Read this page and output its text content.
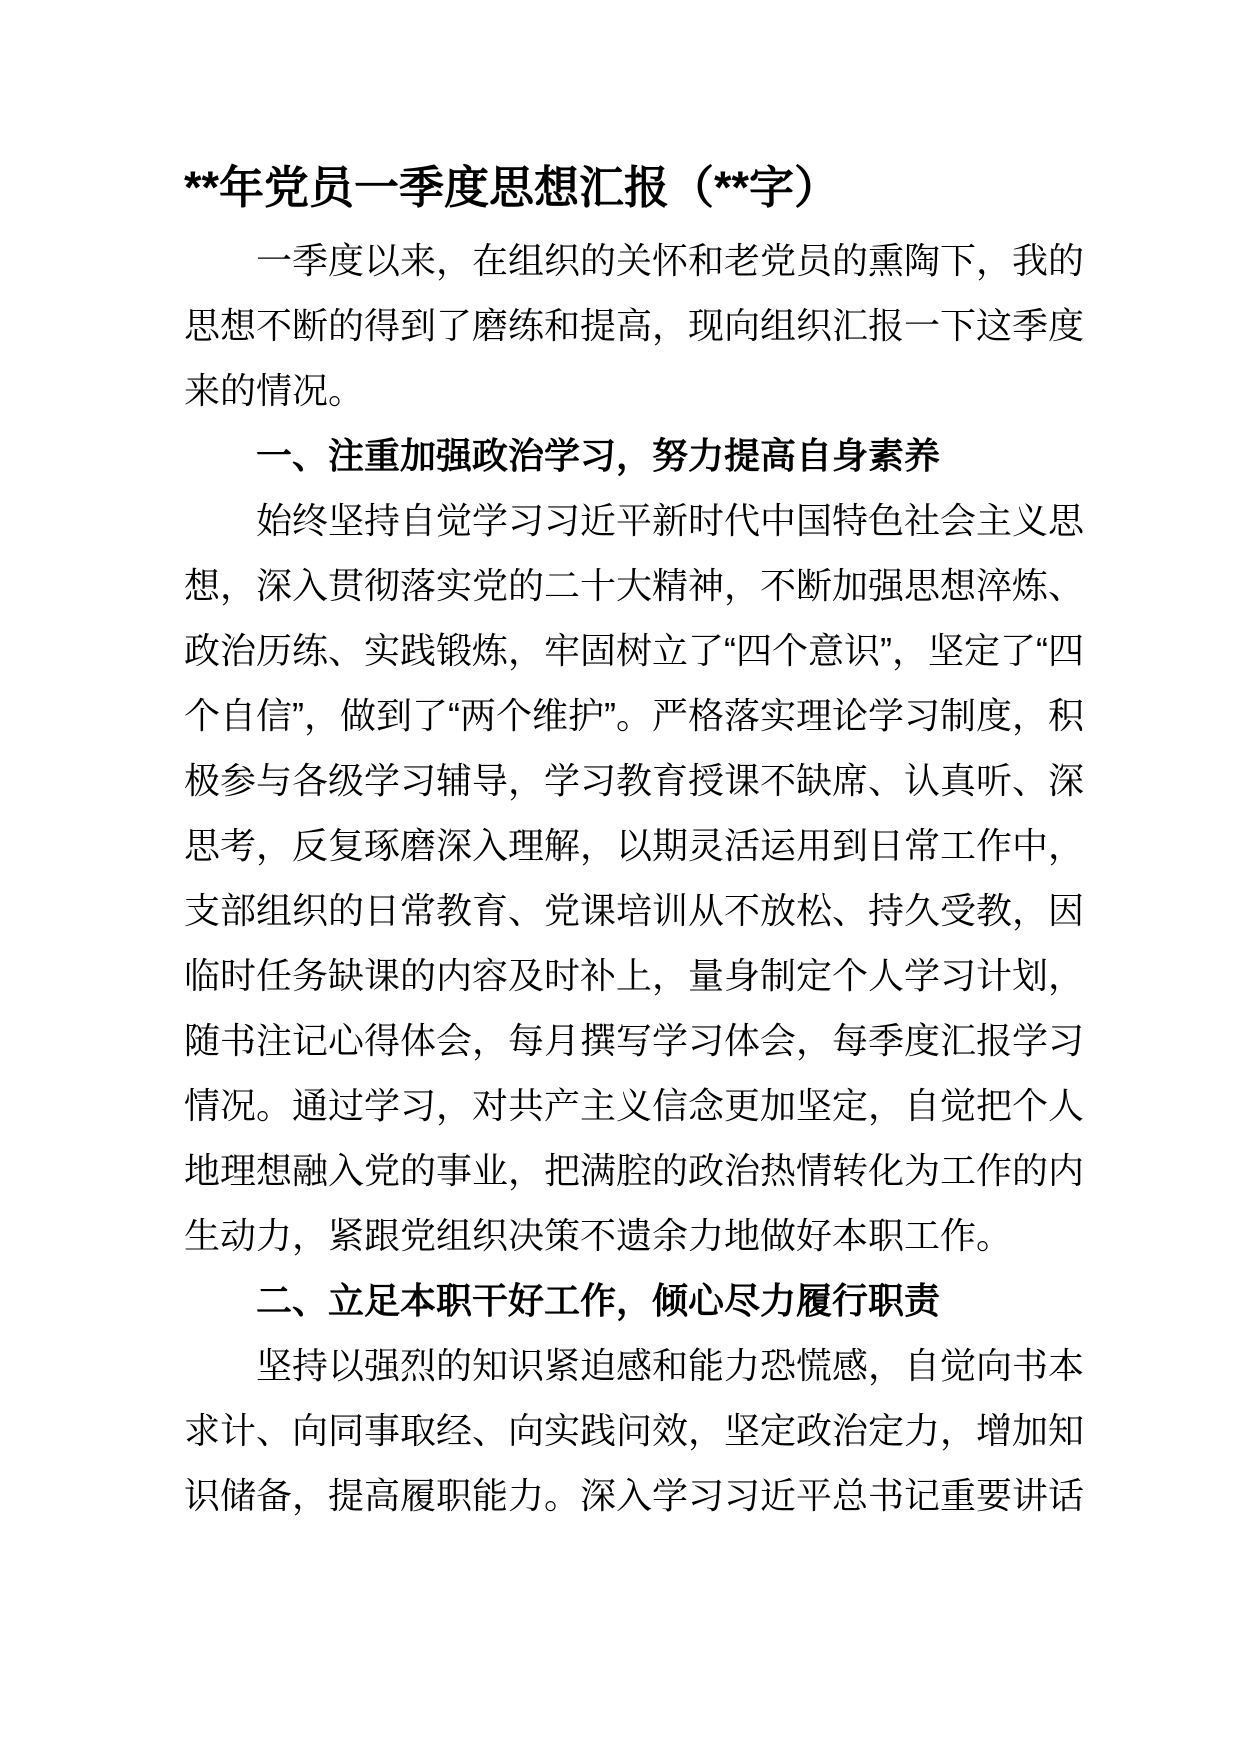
**年党员一季度思想汇报（**字）

一季度以来，在组织的关怀和老党员的熏陶下，我的思想不断的得到了磨练和提高，现向组织汇报一下这季度来的情况。

一、注重加强政治学习，努力提高自身素养

始终坚持自觉学习习近平新时代中国特色社会主义思想，深入贯彻落实党的二十大精神，不断加强思想淬炼、政治历练、实践锻炼，牢固树立了“四个意识”，坚定了“四个自信”，做到了“两个维护”。严格落实理论学习制度，积极参与各级学习辅导，学习教育授课不缺席、认真听、深思考，反复琢磨深入理解，以期灵活运用到日常工作中，支部组织的日常教育、党课培训从不放松、持久受教，因临时任务缺课的内容及时补上，量身制定个人学习计划，随书注记心得体会，每月撰写学习体会，每季度汇报学习情况。通过学习，对共产主义信念更加坚定，自觉把个人地理想融入党的事业，把满腔的政治热情转化为工作的内生动力，紧跟党组织决策不遗余力地做好本职工作。

二、立足本职干好工作，倾心尽力履行职责

坚持以强烈的知识紧迫感和能力恐慌感，自觉向书本求计、向同事取经、向实践问效，坚定政治定力，增加知识储备，提高履职能力。深入学习习近平总书记重要讲话
